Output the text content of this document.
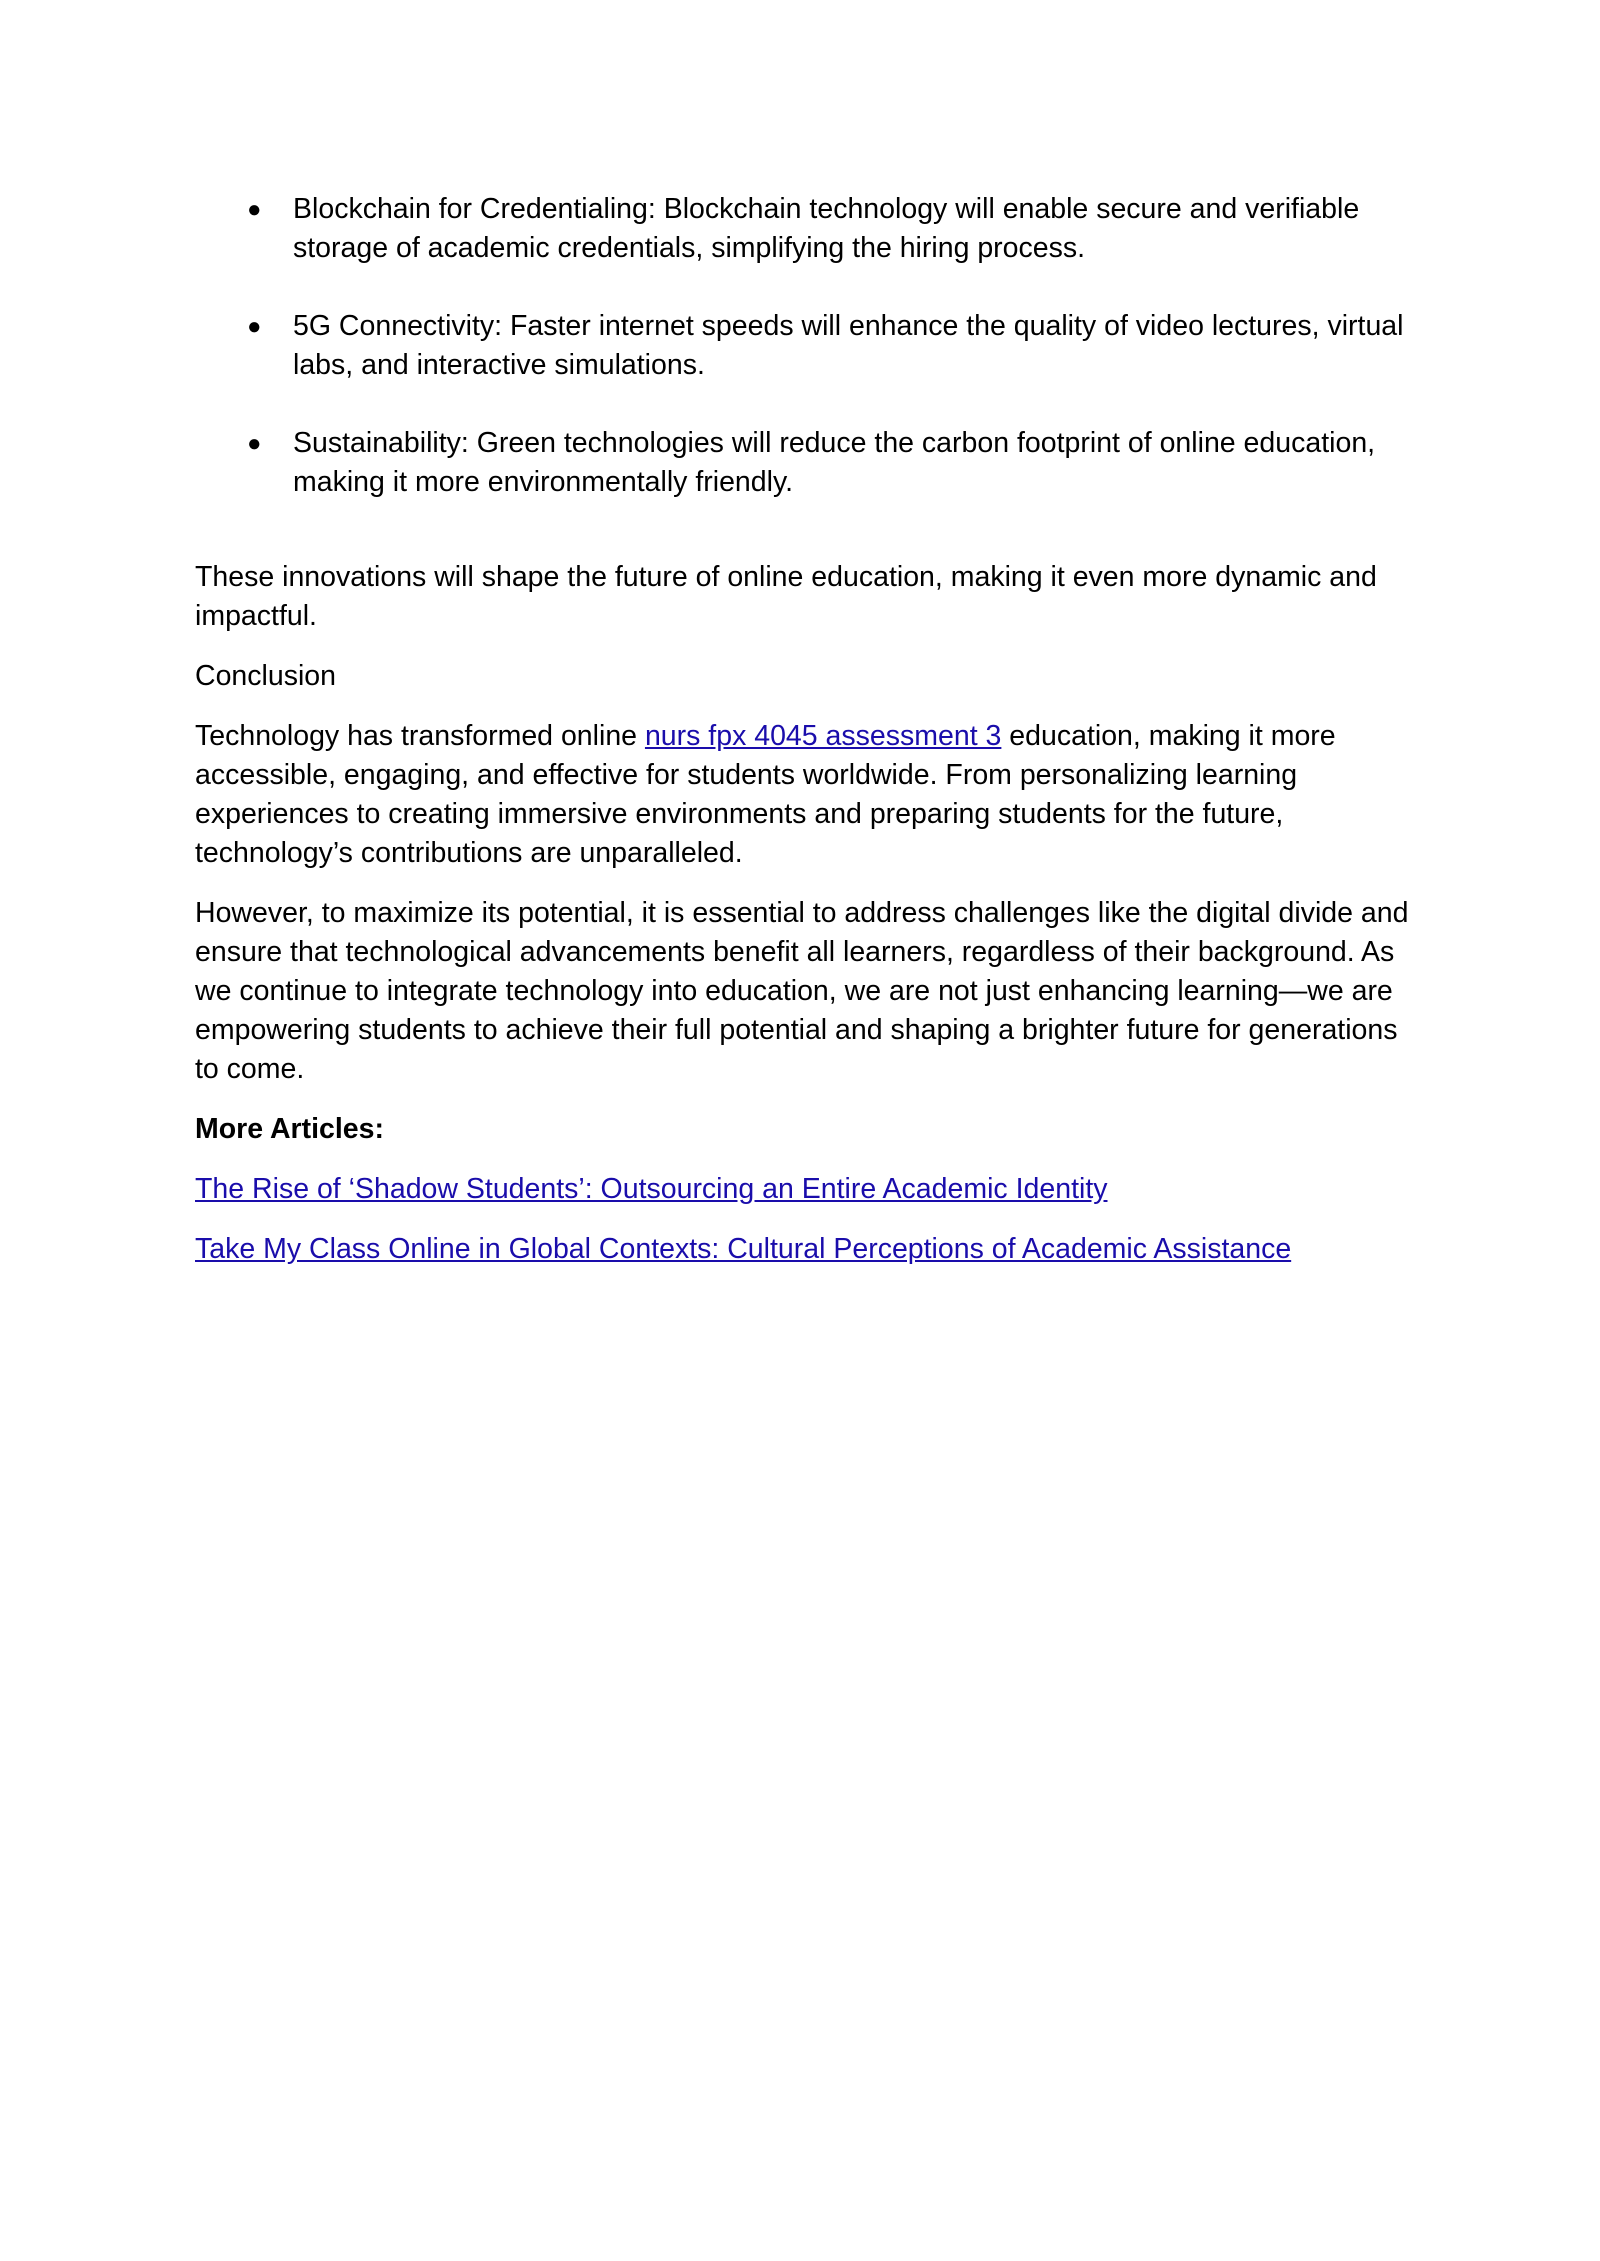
● Blockchain for Credentialing: Blockchain technology will enable secure and verifiable storage of academic credentials, simplifying the hiring process.
● 5G Connectivity: Faster internet speeds will enhance the quality of video lectures, virtual labs, and interactive simulations.
● Sustainability: Green technologies will reduce the carbon footprint of online education, making it more environmentally friendly.

These innovations will shape the future of online education, making it even more dynamic and impactful.

Conclusion

Technology has transformed online nurs fpx 4045 assessment 3 education, making it more accessible, engaging, and effective for students worldwide. From personalizing learning experiences to creating immersive environments and preparing students for the future, technology’s contributions are unparalleled.

However, to maximize its potential, it is essential to address challenges like the digital divide and ensure that technological advancements benefit all learners, regardless of their background. As we continue to integrate technology into education, we are not just enhancing learning—we are empowering students to achieve their full potential and shaping a brighter future for generations to come.

More Articles:

The Rise of ‘Shadow Students’: Outsourcing an Entire Academic Identity

Take My Class Online in Global Contexts: Cultural Perceptions of Academic Assistance
